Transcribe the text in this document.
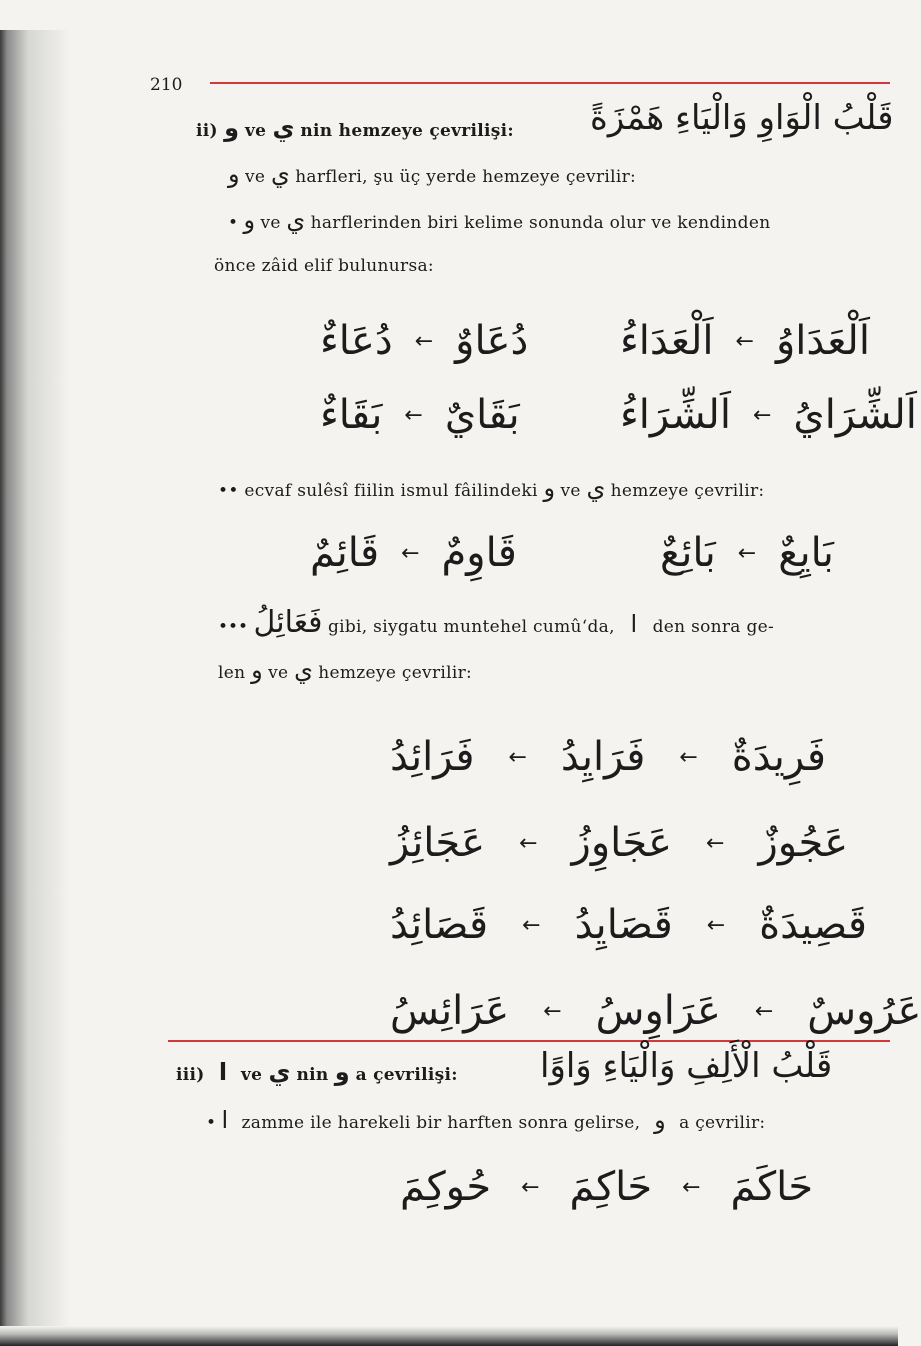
210
ii) و ve ي nin hemzeye çevrilişi: قَلْبُ الْوَاوِ وَالْيَاءِ هَمْزَةً
و ve ي harfleri, şu üç yerde hemzeye çevrilir:
• و ve ي harflerinden biri kelime sonunda olur ve kendinden
önce zâid elif bulunursa:
دُعَاءٌ ← دُعَاوٌ اَلْعَدَاءُ ← اَلْعَدَاوُ
بَقَاءٌ ← بَقَايٌ	اَلشِّرَاءُ ← اَلشِّرَايُ
•• ecvaf sulêsî fiilin ismul fâilindeki و ve ي hemzeye çevrilir:
قَائِمٌ ← قَاوِمٌ	بَائِعٌ ← بَايِعٌ
••• فَعَائِلُ gibi, siygatu muntehel cumû‘da, ا den sonra ge-
len و ve ي hemzeye çevrilir:
فَرَائِدُ ← فَرَايِدُ ← فَرِيدَةٌ
عَجَائِزُ ← عَجَاوِزُ ← عَجُوزٌ
قَصَائِدُ ← قَصَايِدُ ← قَصِيدَةٌ
عَرَائِسُ ← عَرَاوِسُ ← عَرُوسٌ
iii) ا ve ي nin و a çevrilişi: قَلْبُ الْأَلِفِ وَالْيَاءِ وَاوًا
• ا zamme ile harekeli bir harften sonra gelirse, و a çevrilir:
حُوكِمَ ← حَاكِمَ ← حَاكَمَ
